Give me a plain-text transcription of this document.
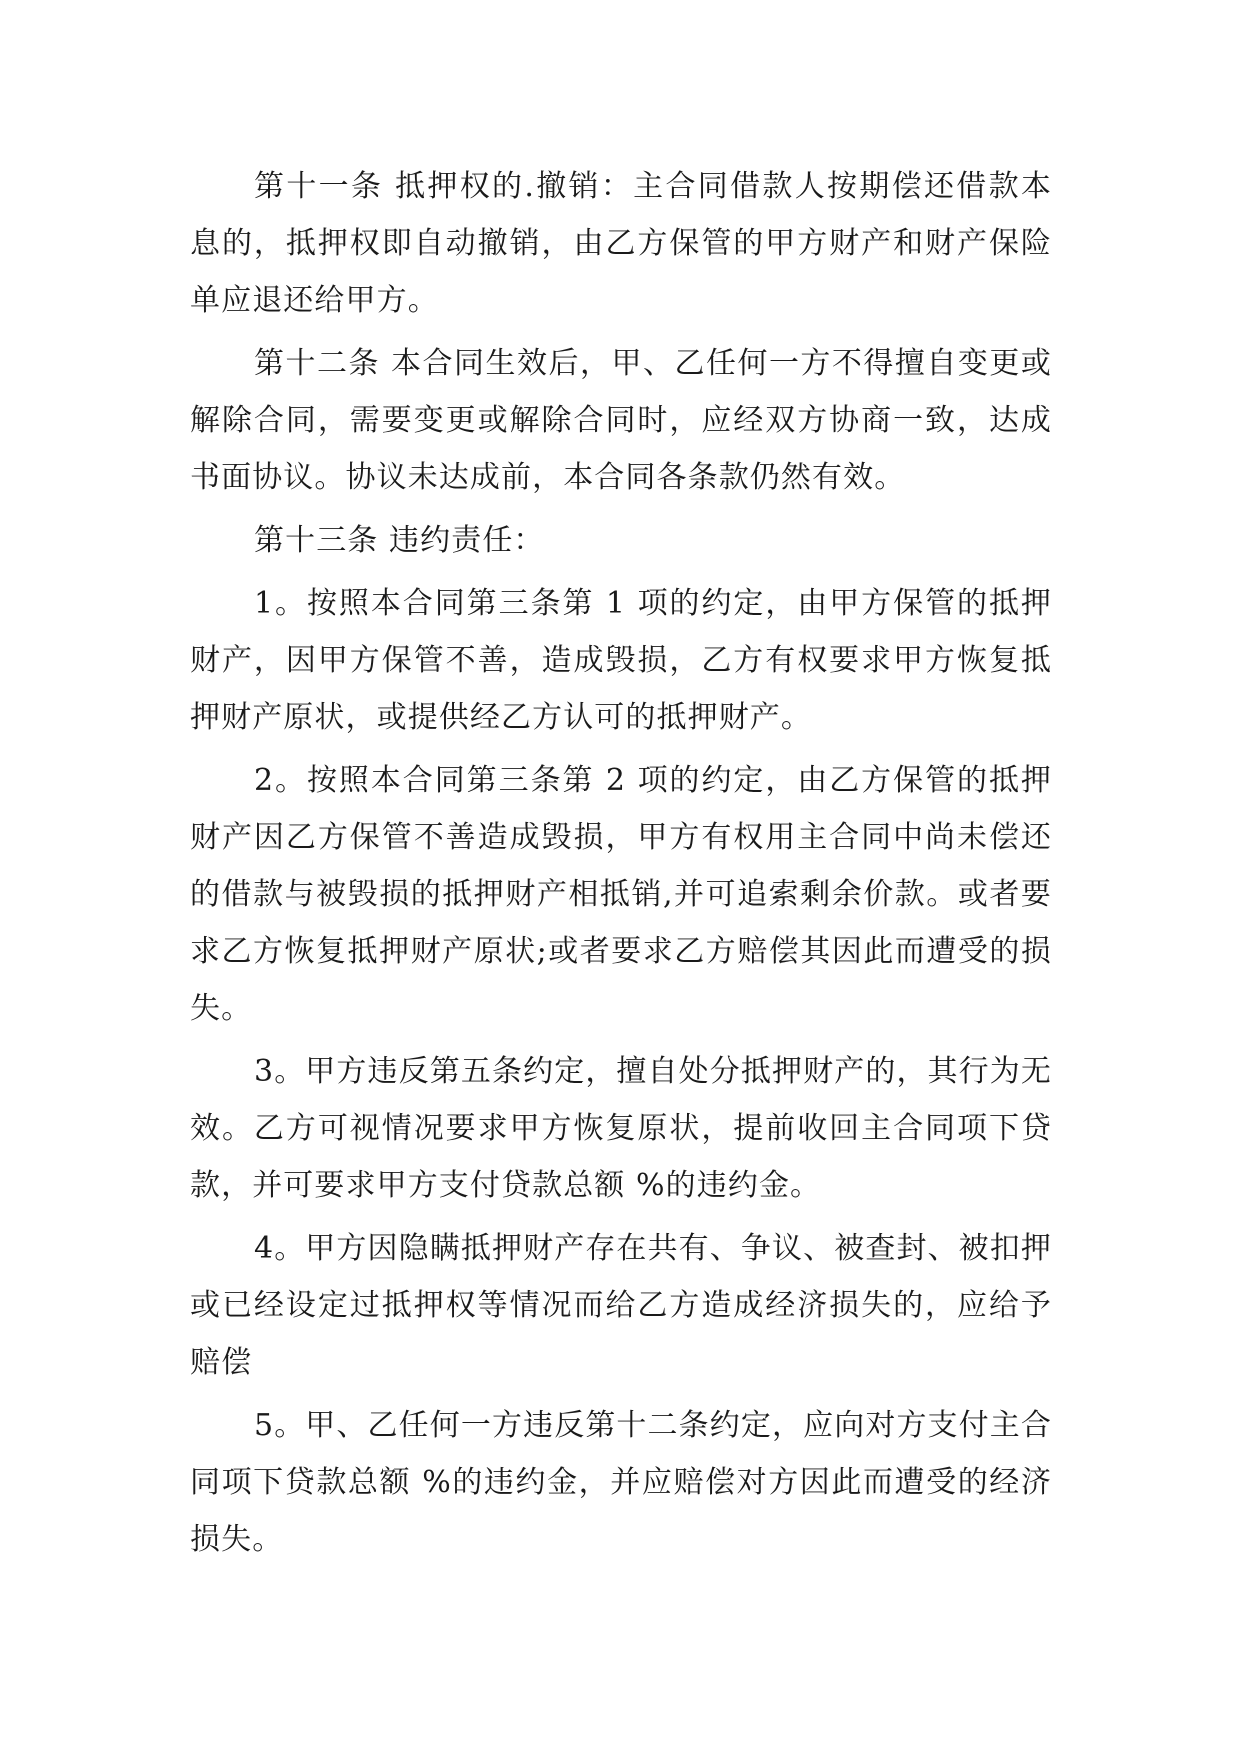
第十一条 抵押权的.撤销：主合同借款人按期偿还借款本息的，抵押权即自动撤销，由乙方保管的甲方财产和财产保险单应退还给甲方。

第十二条 本合同生效后，甲、乙任何一方不得擅自变更或解除合同，需要变更或解除合同时，应经双方协商一致，达成书面协议。协议未达成前，本合同各条款仍然有效。

第十三条 违约责任：

1。按照本合同第三条第 1 项的约定，由甲方保管的抵押财产，因甲方保管不善，造成毁损，乙方有权要求甲方恢复抵押财产原状，或提供经乙方认可的抵押财产。

2。按照本合同第三条第 2 项的约定，由乙方保管的抵押财产因乙方保管不善造成毁损，甲方有权用主合同中尚未偿还的借款与被毁损的抵押财产相抵销,并可追索剩余价款。或者要求乙方恢复抵押财产原状;或者要求乙方赔偿其因此而遭受的损失。

3。甲方违反第五条约定，擅自处分抵押财产的，其行为无效。乙方可视情况要求甲方恢复原状，提前收回主合同项下贷款，并可要求甲方支付贷款总额 %的违约金。

4。甲方因隐瞒抵押财产存在共有、争议、被查封、被扣押或已经设定过抵押权等情况而给乙方造成经济损失的，应给予赔偿

5。甲、乙任何一方违反第十二条约定，应向对方支付主合同项下贷款总额 %的违约金，并应赔偿对方因此而遭受的经济损失。
